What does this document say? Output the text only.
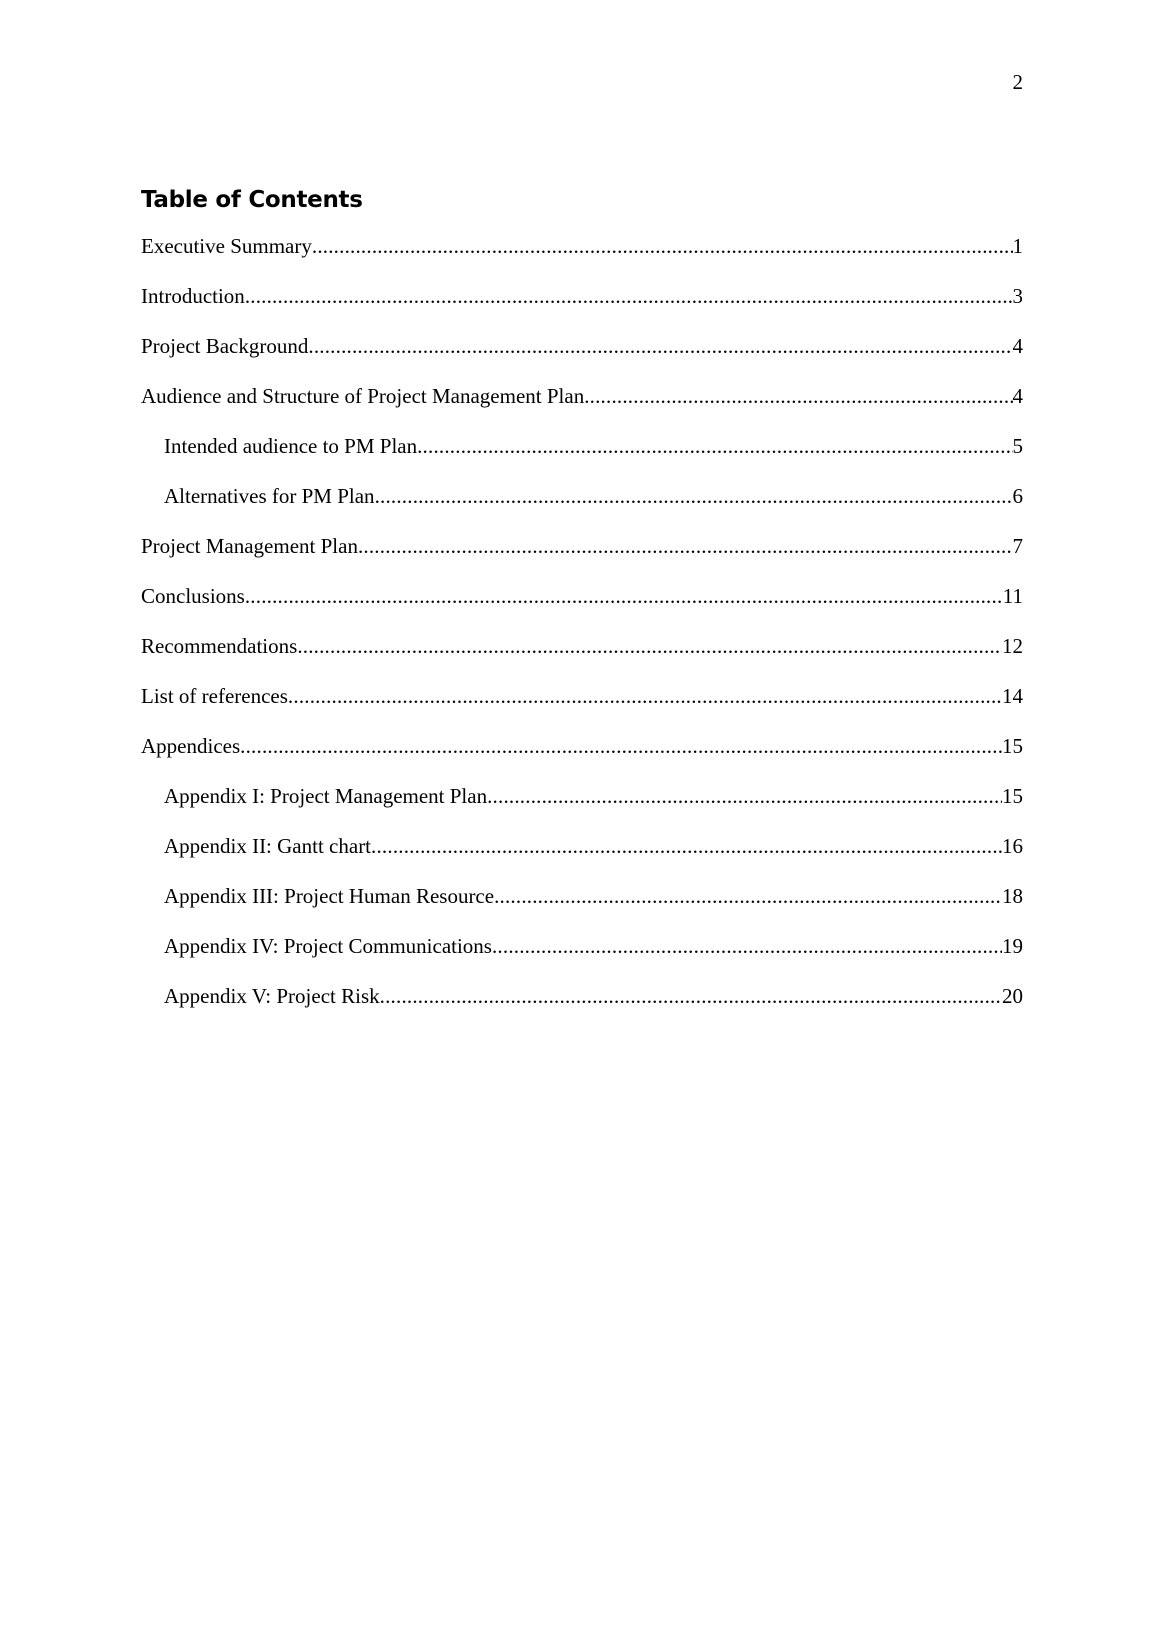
2
Table of Contents
Executive Summary .....	1
Introduction .....	3
Project Background .....	4
Audience and Structure of Project Management Plan .....	4
Intended audience to PM Plan .....	5
Alternatives for PM Plan .....	6
Project Management Plan .....	7
Conclusions .....	11
Recommendations .....	12
List of references .....	14
Appendices .....	15
Appendix I: Project Management Plan .....	15
Appendix II: Gantt chart .....	16
Appendix III: Project Human Resource .....	18
Appendix IV: Project Communications .....	19
Appendix V: Project Risk .....	20
